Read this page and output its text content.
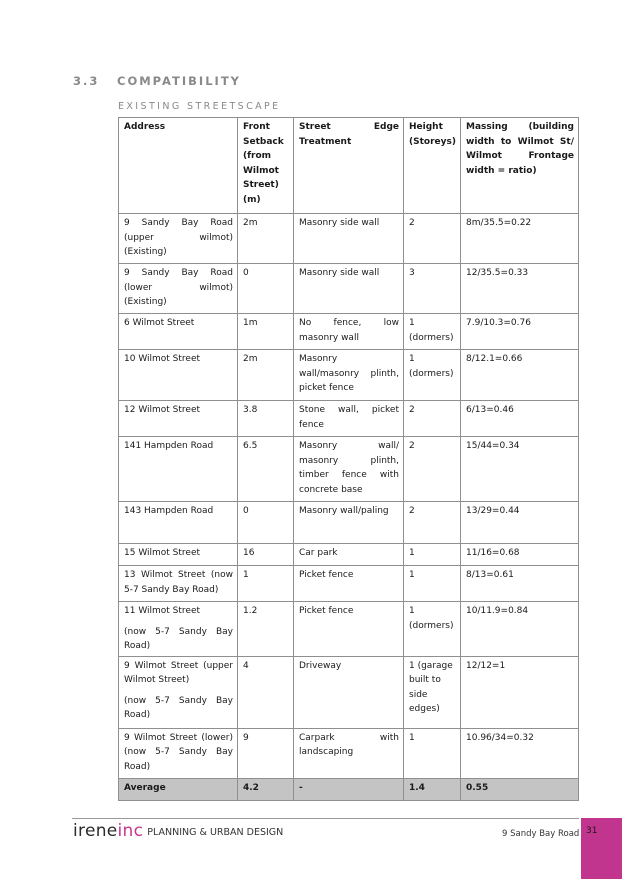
3.3 COMPATIBILITY
EXISTING STREETSCAPE
Address	Front Setback (from Wilmot Street) (m)	Street Edge Treatment	Height (Storeys)	Massing (building width to Wilmot St/ Wilmot Frontage width = ratio)

9 Sandy Bay Road (upper wilmot) (Existing)	2m	Masonry side wall	2	8m/35.5=0.22

9 Sandy Bay Road (lower wilmot) (Existing)	0	Masonry side wall	3	12/35.5=0.33

6 Wilmot Street	1m	No fence, low masonry wall	1 (dormers)	7.9/10.3=0.76

10 Wilmot Street	2m	Masonry wall/masonry plinth, picket fence	1 (dormers)	8/12.1=0.66

12 Wilmot Street	3.8	Stone wall, picket fence	2	6/13=0.46

141 Hampden Road	6.5	Masonry wall/ masonry plinth, timber fence with concrete base	2	15/44=0.34

143 Hampden Road	0	Masonry wall/paling	2	13/29=0.44

15 Wilmot Street	16	Car park	1	11/16=0.68

13 Wilmot Street (now 5-7 Sandy Bay Road)	1	Picket fence	1	8/13=0.61

11 Wilmot Street

(now 5-7 Sandy Bay Road)	1.2	Picket fence	1 (dormers)	10/11.9=0.84

9 Wilmot Street (upper Wilmot Street)

(now 5-7 Sandy Bay Road)	4	Driveway	1 (garage built to side edges)	12/12=1

9 Wilmot Street (lower) (now 5-7 Sandy Bay Road)	9	Carpark with landscaping	1	10.96/34=0.32
Average	4.2	-	1.4	0.55
ireneinc PLANNING & URBAN DESIGN	9 Sandy Bay Road 31
